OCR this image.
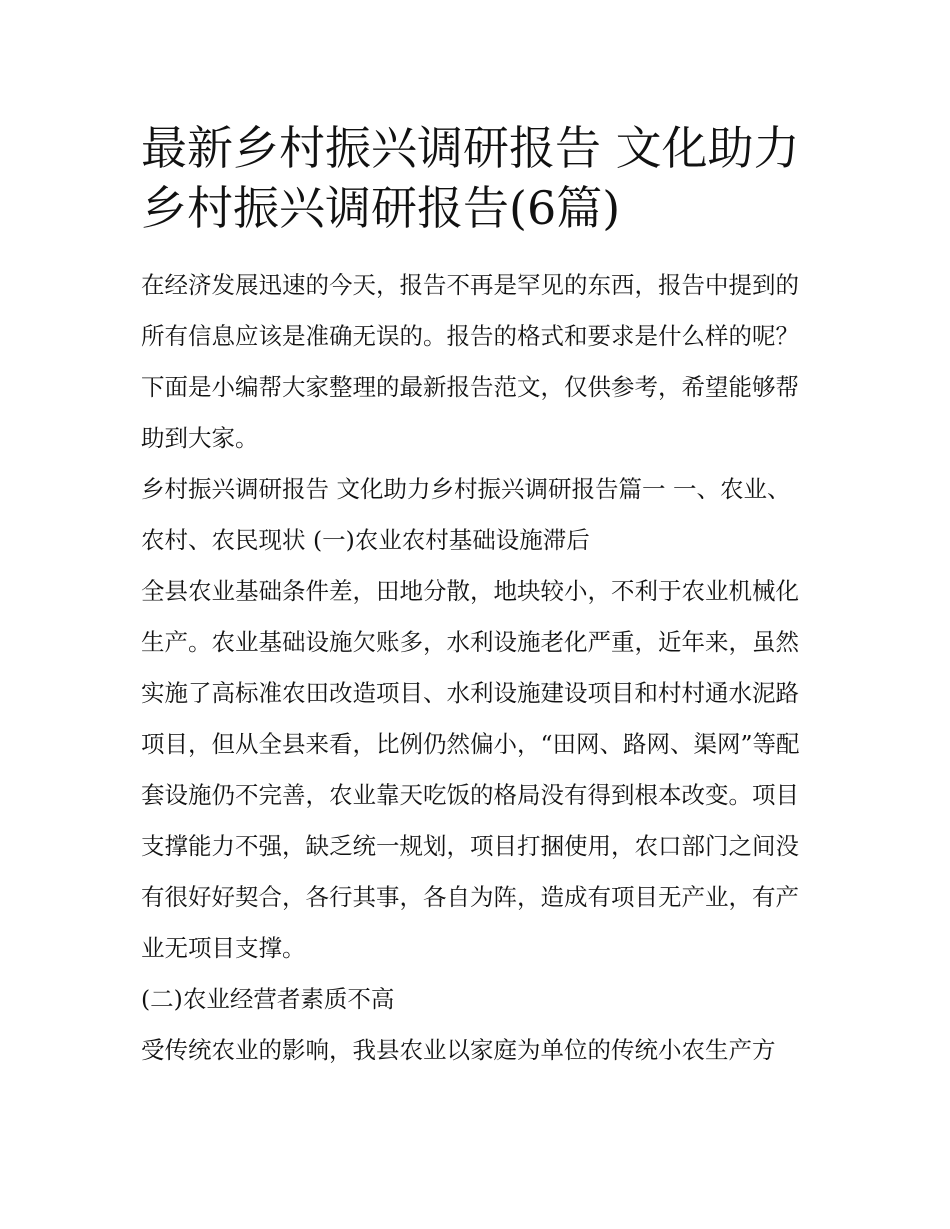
最新乡村振兴调研报告 文化助力乡村振兴调研报告(6篇)

在经济发展迅速的今天，报告不再是罕见的东西，报告中提到的所有信息应该是准确无误的。报告的格式和要求是什么样的呢？下面是小编帮大家整理的最新报告范文，仅供参考，希望能够帮助到大家。

乡村振兴调研报告 文化助力乡村振兴调研报告篇一 一、农业、农村、农民现状 (一)农业农村基础设施滞后

全县农业基础条件差，田地分散，地块较小，不利于农业机械化生产。农业基础设施欠账多，水利设施老化严重，近年来，虽然实施了高标准农田改造项目、水利设施建设项目和村村通水泥路项目，但从全县来看，比例仍然偏小，“田网、路网、渠网”等配套设施仍不完善，农业靠天吃饭的格局没有得到根本改变。项目支撑能力不强，缺乏统一规划，项目打捆使用，农口部门之间没有很好好契合，各行其事，各自为阵，造成有项目无产业，有产业无项目支撑。

(二)农业经营者素质不高

受传统农业的影响，我县农业以家庭为单位的传统小农生产方
